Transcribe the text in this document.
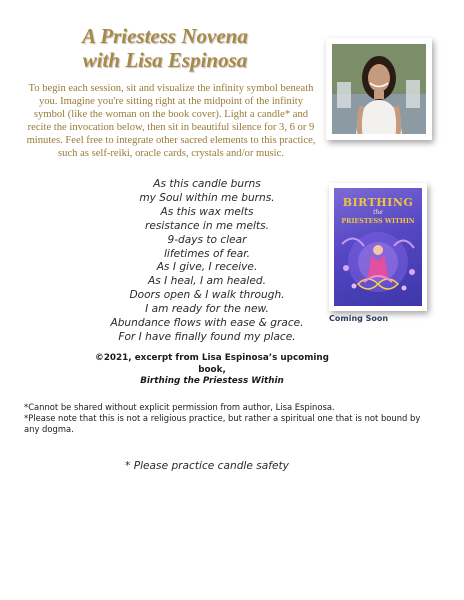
A Priestess Novena
with Lisa Espinosa

To begin each session, sit and visualize the infinity symbol beneath you. Imagine you're sitting right at the midpoint of the infinity symbol (like the woman on the book cover). Light a candle* and recite the invocation below, then sit in beautiful silence for 3, 6 or 9 minutes. Feel free to integrate other sacred elements to this practice, such as self-reiki, oracle cards, crystals and/or music.

As this candle burns
my Soul within me burns.
As this wax melts
resistance in me melts.
9-days to clear
lifetimes of fear.
As I give, I receive.
As I heal, I am healed.
Doors open & I walk through.
I am ready for the new.
Abundance flows with ease & grace.
For I have finally found my place.
BIRTHING
the
PRIESTESS WITHIN
Coming Soon
©2021, excerpt from Lisa Espinosa’s upcoming book,
Birthing the Priestess Within
*Cannot be shared without explicit permission from author, Lisa Espinosa.
*Please note that this is not a religious practice, but rather a spiritual one that is not bound by any dogma.
* Please practice candle safety
